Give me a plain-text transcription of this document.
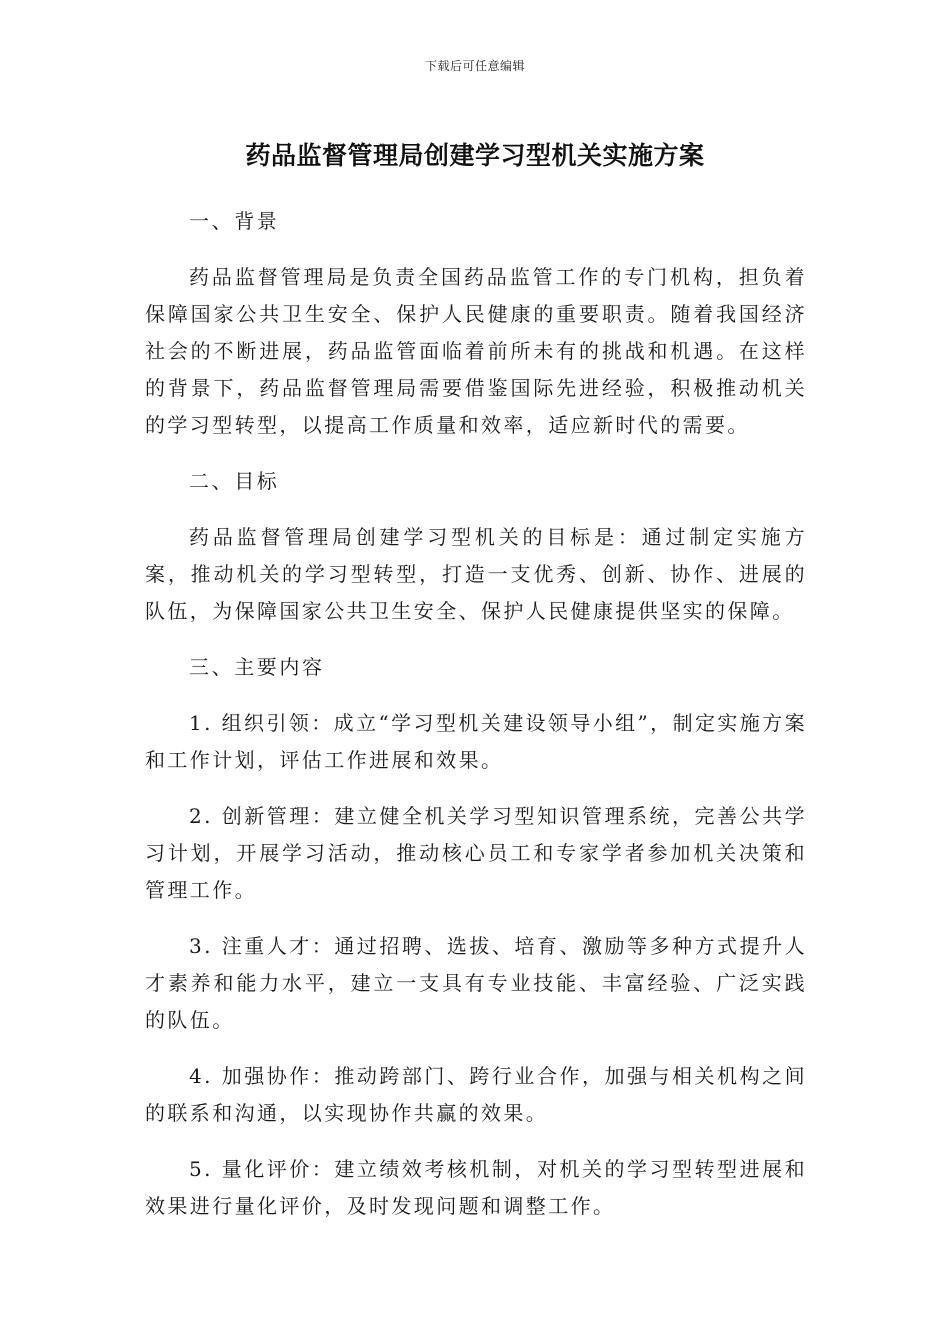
下载后可任意编辑
药品监督管理局创建学习型机关实施方案

一、背景

药品监督管理局是负责全国药品监管工作的专门机构，担负着保障国家公共卫生安全、保护人民健康的重要职责。随着我国经济社会的不断进展，药品监管面临着前所未有的挑战和机遇。在这样的背景下，药品监督管理局需要借鉴国际先进经验，积极推动机关的学习型转型，以提高工作质量和效率，适应新时代的需要。

二、目标

药品监督管理局创建学习型机关的目标是：通过制定实施方案，推动机关的学习型转型，打造一支优秀、创新、协作、进展的队伍，为保障国家公共卫生安全、保护人民健康提供坚实的保障。

三、主要内容

1. 组织引领：成立“学习型机关建设领导小组”，制定实施方案和工作计划，评估工作进展和效果。

2. 创新管理：建立健全机关学习型知识管理系统，完善公共学习计划，开展学习活动，推动核心员工和专家学者参加机关决策和管理工作。

3. 注重人才：通过招聘、选拔、培育、激励等多种方式提升人才素养和能力水平，建立一支具有专业技能、丰富经验、广泛实践的队伍。

4. 加强协作：推动跨部门、跨行业合作，加强与相关机构之间的联系和沟通，以实现协作共赢的效果。

5. 量化评价：建立绩效考核机制，对机关的学习型转型进展和效果进行量化评价，及时发现问题和调整工作。
